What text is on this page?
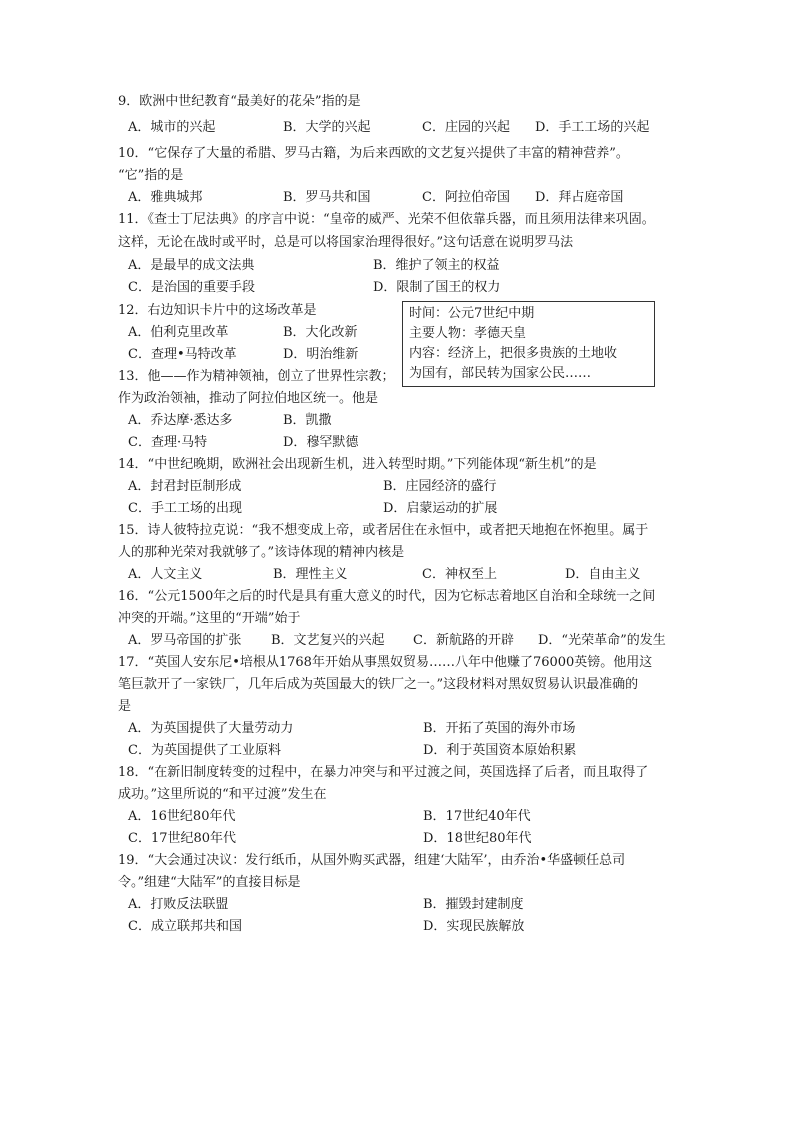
9．欧洲中世纪教育“最美好的花朵”指的是
A．城市的兴起	B．大学的兴起	C．庄园的兴起 D．手工工场的兴起
10．“它保存了大量的希腊、罗马古籍，为后来西欧的文艺复兴提供了丰富的精神营养”。
“它”指的是
A．雅典城邦	B．罗马共和国	C．阿拉伯帝国 D．拜占庭帝国
11．《查士丁尼法典》的序言中说：“皇帝的威严、光荣不但依靠兵器，而且须用法律来巩固。
这样，无论在战时或平时，总是可以将国家治理得很好。”这句话意在说明罗马法
A．是最早的成文法典	B．维护了领主的权益
C．是治国的重要手段	D．限制了国王的权力
12．右边知识卡片中的这场改革是
A．伯利克里改革	B．大化改新
C．查理•马特改革	D．明治维新
时间：公元7世纪中期
主要人物：孝德天皇
内容：经济上，把很多贵族的土地收
为国有，部民转为国家公民……
13．他——作为精神领袖，创立了世界性宗教；
作为政治领袖，推动了阿拉伯地区统一。他是
A．乔达摩·悉达多	B．凯撒
C．查理·马特	D．穆罕默德
14．“中世纪晚期，欧洲社会出现新生机，进入转型时期。”下列能体现“新生机”的是
A．封君封臣制形成	B．庄园经济的盛行
C．手工工场的出现	D．启蒙运动的扩展
15．诗人彼特拉克说：“我不想变成上帝，或者居住在永恒中，或者把天地抱在怀抱里。属于
人的那种光荣对我就够了。”该诗体现的精神内核是
A．人文主义	B．理性主义	C．神权至上	D．自由主义
16．“公元1500年之后的时代是具有重大意义的时代，因为它标志着地区自治和全球统一之间
冲突的开端。”这里的“开端”始于
A．罗马帝国的扩张 B．文艺复兴的兴起 C．新航路的开辟 D．“光荣革命”的发生
17．“英国人安东尼•培根从1768年开始从事黑奴贸易……八年中他赚了76000英镑。他用这
笔巨款开了一家铁厂，几年后成为英国最大的铁厂之一。”这段材料对黑奴贸易认识最准确的
是
A．为英国提供了大量劳动力	B．开拓了英国的海外市场
C．为英国提供了工业原料	D．利于英国资本原始积累
18．“在新旧制度转变的过程中，在暴力冲突与和平过渡之间，英国选择了后者，而且取得了
成功。”这里所说的“和平过渡”发生在
A．16世纪80年代	B．17世纪40年代
C．17世纪80年代	D．18世纪80年代
19．“大会通过决议：发行纸币，从国外购买武器，组建‘大陆军’，由乔治•华盛顿任总司
令。”组建“大陆军”的直接目标是
A．打败反法联盟	B．摧毁封建制度
C．成立联邦共和国	D．实现民族解放
